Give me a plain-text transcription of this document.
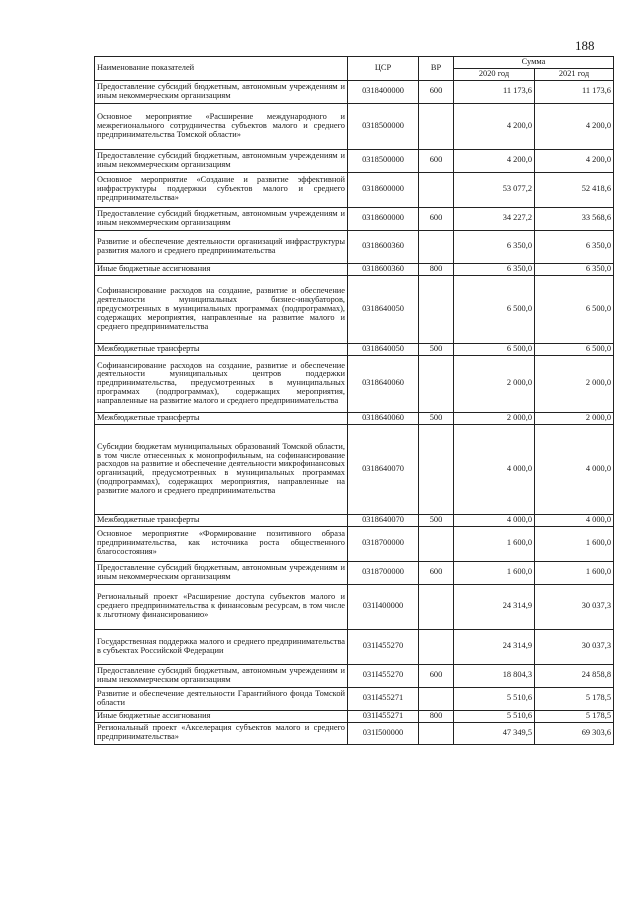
188
Наименование показателей	ЦСР	ВР	Сумма	
			2020 год	2021 год
Предоставление субсидий бюджетным, автономным учреждениям и иным некоммерческим организациям	0318400000	600	11 173,6	11 173,6
Основное мероприятие «Расширение международного и межрегионального сотрудничества субъектов малого и среднего предпринимательства Томской области»	0318500000		4 200,0	4 200,0
Предоставление субсидий бюджетным, автономным учреждениям и иным некоммерческим организациям	0318500000	600	4 200,0	4 200,0
Основное мероприятие «Создание и развитие эффективной инфраструктуры поддержки субъектов малого и среднего предпринимательства»	0318600000		53 077,2	52 418,6
Предоставление субсидий бюджетным, автономным учреждениям и иным некоммерческим организациям	0318600000	600	34 227,2	33 568,6
Развитие и обеспечение деятельности организаций инфраструктуры развития малого и среднего предпринимательства	0318600360		6 350,0	6 350,0
Иные бюджетные ассигнования	0318600360	800	6 350,0	6 350,0
Софинансирование расходов на создание, развитие и обеспечение деятельности муниципальных бизнес-инкубаторов, предусмотренных в муниципальных программах (подпрограммах), содержащих мероприятия, направленные на развитие малого и среднего предпринимательства	0318640050		6 500,0	6 500,0
Межбюджетные трансферты	0318640050	500	6 500,0	6 500,0
Софинансирование расходов на создание, развитие и обеспечение деятельности муниципальных центров поддержки предпринимательства, предусмотренных в муниципальных программах (подпрограммах), содержащих мероприятия, направленные на развитие малого и среднего предпринимательства	0318640060		2 000,0	2 000,0
Межбюджетные трансферты	0318640060	500	2 000,0	2 000,0
Субсидии бюджетам муниципальных образований Томской области, в том числе отнесенных к монопрофильным, на софинансирование расходов на развитие и обеспечение деятельности микрофинансовых организаций, предусмотренных в муниципальных программах (подпрограммах), содержащих мероприятия, направленные на развитие малого и среднего предпринимательства	0318640070		4 000,0	4 000,0
Межбюджетные трансферты	0318640070	500	4 000,0	4 000,0
Основное мероприятие «Формирование позитивного образа предпринимательства, как источника роста общественного благосостояния»	0318700000		1 600,0	1 600,0
Предоставление субсидий бюджетным, автономным учреждениям и иным некоммерческим организациям	0318700000	600	1 600,0	1 600,0
Региональный проект «Расширение доступа субъектов малого и среднего предпринимательства к финансовым ресурсам, в том числе к льготному финансированию»	031I400000		24 314,9	30 037,3
Государственная поддержка малого и среднего предпринимательства в субъектах Российской Федерации	031I455270		24 314,9	30 037,3
Предоставление субсидий бюджетным, автономным учреждениям и иным некоммерческим организациям	031I455270	600	18 804,3	24 858,8
Развитие и обеспечение деятельности Гарантийного фонда Томской области	031I455271		5 510,6	5 178,5
Иные бюджетные ассигнования	031I455271	800	5 510,6	5 178,5
Региональный проект «Акселерация субъектов малого и среднего предпринимательства»	031I500000		47 349,5	69 303,6
